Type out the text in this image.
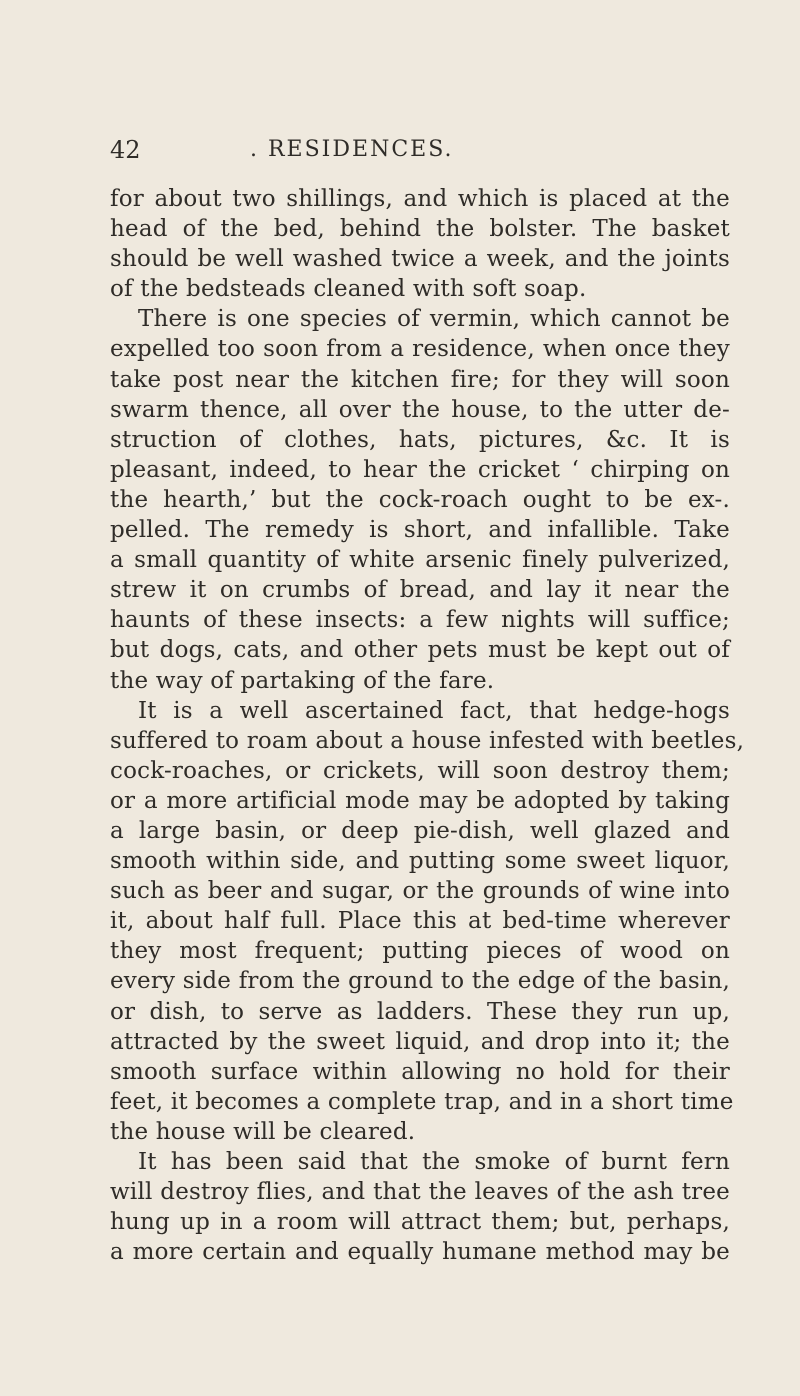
42	. RESIDENCES.
for about two shillings, and which is placed at the
head of the bed, behind the bolster. The basket
should be well washed twice a week, and the joints
of the bedsteads cleaned with soft soap.
There is one species of vermin, which cannot be
expelled too soon from a residence, when once they
take post near the kitchen fire; for they will soon
swarm thence, all over the house, to the utter de-
struction of clothes, hats, pictures, &c. It is
pleasant, indeed, to hear the cricket ‘ chirping on
the hearth,’ but the cock-roach ought to be ex-.
pelled. The remedy is short, and infallible. Take
a small quantity of white arsenic finely pulverized,
strew it on crumbs of bread, and lay it near the
haunts of these insects: a few nights will suffice;
but dogs, cats, and other pets must be kept out of
the way of partaking of the fare.
It is a well ascertained fact, that hedge-hogs
suffered to roam about a house infested with beetles,
cock-roaches, or crickets, will soon destroy them;
or a more artificial mode may be adopted by taking
a large basin, or deep pie-dish, well glazed and
smooth within side, and putting some sweet liquor,
such as beer and sugar, or the grounds of wine into
it, about half full. Place this at bed-time wherever
they most frequent; putting pieces of wood on
every side from the ground to the edge of the basin,
or dish, to serve as ladders. These they run up,
attracted by the sweet liquid, and drop into it; the
smooth surface within allowing no hold for their
feet, it becomes a complete trap, and in a short time
the house will be cleared.
It has been said that the smoke of burnt fern
will destroy flies, and that the leaves of the ash tree
hung up in a room will attract them; but, perhaps,
a more certain and equally humane method may be
